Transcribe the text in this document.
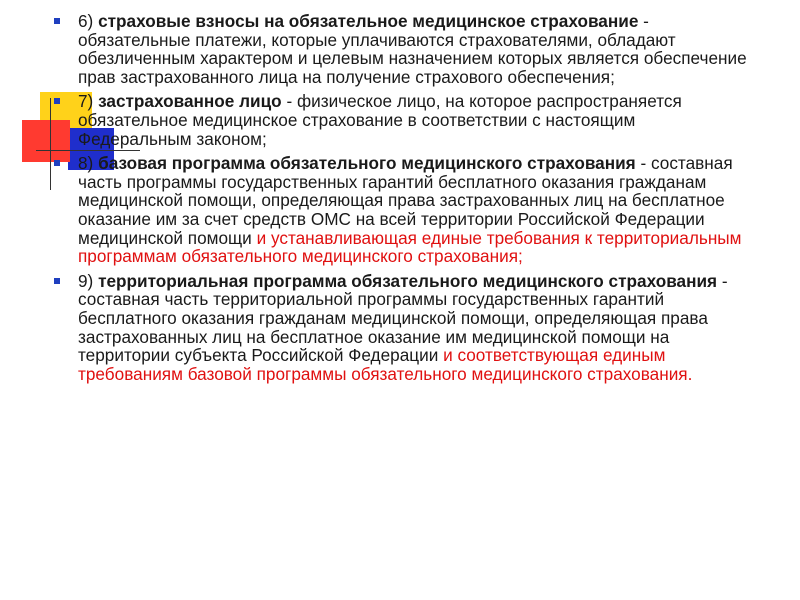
6) страховые взносы на обязательное медицинское страхование - обязательные платежи, которые уплачиваются страхователями, обладают обезличенным характером и целевым назначением которых является обеспечение прав застрахованного лица на получение страхового обеспечения;
7) застрахованное лицо - физическое лицо, на которое распространяется обязательное медицинское страхование в соответствии с настоящим Федеральным законом;
8) базовая программа обязательного медицинского страхования - составная часть программы государственных гарантий бесплатного оказания гражданам медицинской помощи, определяющая права застрахованных лиц на бесплатное оказание им за счет средств ОМС на всей территории Российской Федерации медицинской помощи и устанавливающая единые требования к территориальным программам обязательного медицинского страхования;
9) территориальная программа обязательного медицинского страхования - составная часть территориальной программы государственных гарантий бесплатного оказания гражданам медицинской помощи, определяющая права застрахованных лиц на бесплатное оказание им медицинской помощи на территории субъекта Российской Федерации и соответствующая единым требованиям базовой программы обязательного медицинского страхования.
